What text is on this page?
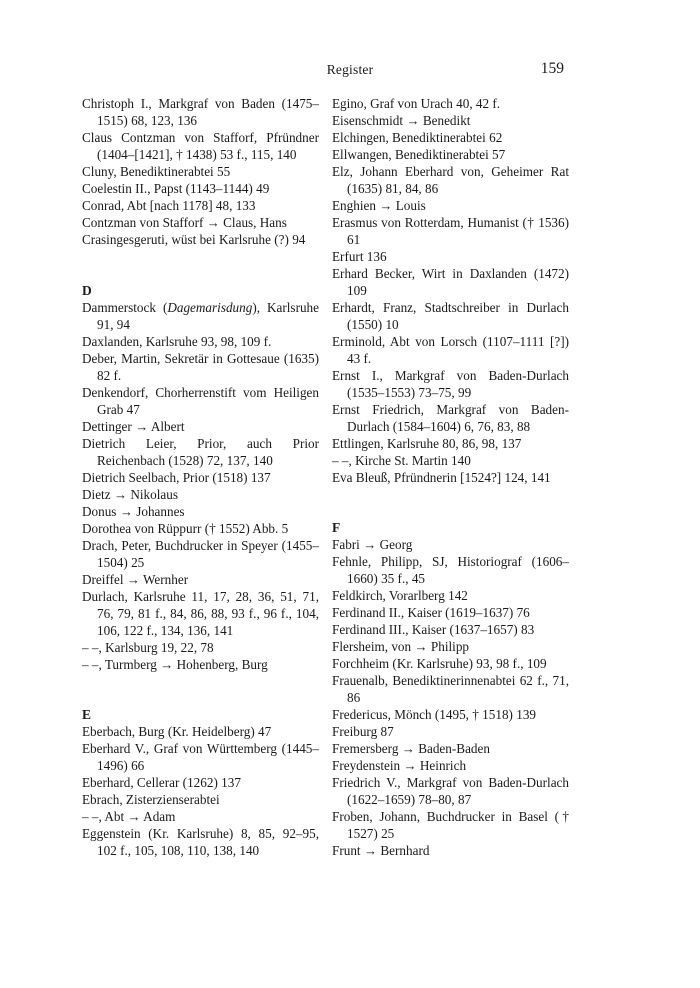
Register	159
Christoph I., Markgraf von Baden (1475–1515) 68, 123, 136
Claus Contzman von Stafforf, Pfründner (1404–[1421], † 1438) 53 f., 115, 140
Cluny, Benediktinerabtei 55
Coelestin II., Papst (1143–1144) 49
Conrad, Abt [nach 1178] 48, 133
Contzman von Stafforf → Claus, Hans
Crasingesgeruti, wüst bei Karlsruhe (?) 94
D
Dammerstock (Dagemarisdung), Karlsruhe 91, 94
Daxlanden, Karlsruhe 93, 98, 109 f.
Deber, Martin, Sekretär in Gottesaue (1635) 82 f.
Denkendorf, Chorherrenstift vom Heiligen Grab 47
Dettinger → Albert
Dietrich Leier, Prior, auch Prior Reichenbach (1528) 72, 137, 140
Dietrich Seelbach, Prior (1518) 137
Dietz → Nikolaus
Donus → Johannes
Dorothea von Rüppurr († 1552) Abb. 5
Drach, Peter, Buchdrucker in Speyer (1455–1504) 25
Dreiffel → Wernher
Durlach, Karlsruhe 11, 17, 28, 36, 51, 71, 76, 79, 81 f., 84, 86, 88, 93 f., 96 f., 104, 106, 122 f., 134, 136, 141
– –, Karlsburg 19, 22, 78
– –, Turmberg → Hohenberg, Burg
E
Eberbach, Burg (Kr. Heidelberg) 47
Eberhard V., Graf von Württemberg (1445–1496) 66
Eberhard, Cellerar (1262) 137
Ebrach, Zisterzienserabtei
– –, Abt → Adam
Eggenstein (Kr. Karlsruhe) 8, 85, 92–95, 102 f., 105, 108, 110, 138, 140
Egino, Graf von Urach 40, 42 f.
Eisenschmidt → Benedikt
Elchingen, Benediktinerabtei 62
Ellwangen, Benediktinerabtei 57
Elz, Johann Eberhard von, Geheimer Rat (1635) 81, 84, 86
Enghien → Louis
Erasmus von Rotterdam, Humanist († 1536) 61
Erfurt 136
Erhard Becker, Wirt in Daxlanden (1472) 109
Erhardt, Franz, Stadtschreiber in Durlach (1550) 10
Erminold, Abt von Lorsch (1107–1111 [?]) 43 f.
Ernst I., Markgraf von Baden-Durlach (1535–1553) 73–75, 99
Ernst Friedrich, Markgraf von Baden-Durlach (1584–1604) 6, 76, 83, 88
Ettlingen, Karlsruhe 80, 86, 98, 137
– –, Kirche St. Martin 140
Eva Bleuß, Pfründnerin [1524?] 124, 141
F
Fabri → Georg
Fehnle, Philipp, SJ, Historiograf (1606–1660) 35 f., 45
Feldkirch, Vorarlberg 142
Ferdinand II., Kaiser (1619–1637) 76
Ferdinand III., Kaiser (1637–1657) 83
Flersheim, von → Philipp
Forchheim (Kr. Karlsruhe) 93, 98 f., 109
Frauenalb, Benediktinerinnenabtei 62 f., 71, 86
Fredericus, Mönch (1495, † 1518) 139
Freiburg 87
Fremersberg → Baden-Baden
Freydenstein → Heinrich
Friedrich V., Markgraf von Baden-Durlach (1622–1659) 78–80, 87
Froben, Johann, Buchdrucker in Basel († 1527) 25
Frunt → Bernhard
